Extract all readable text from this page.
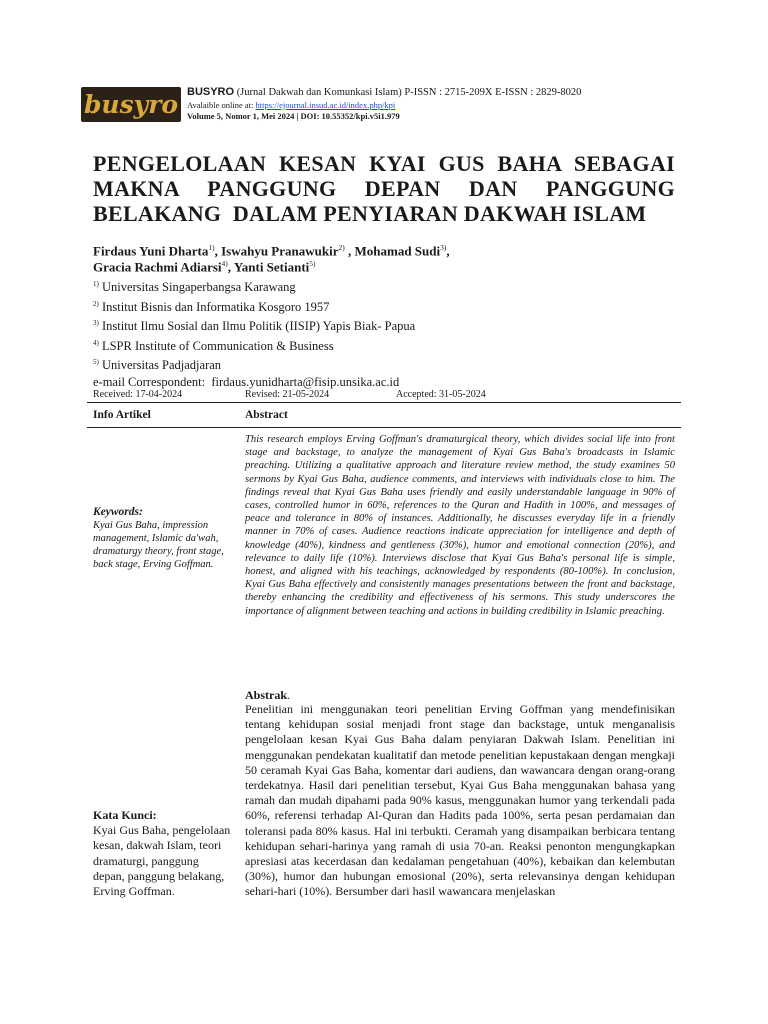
busyro BUSYRO (Jurnal Dakwah dan Komunkasi Islam) P-ISSN : 2715-209X E-ISSN : 2829-8020
Avalaible online at: https://ejournal.insud.ac.id/index.php/kpi
Volume 5, Nomor 1, Mei 2024 | DOI: 10.55352/kpi.v5i1.979
PENGELOLAAN KESAN KYAI GUS BAHA SEBAGAI
MAKNA PANGGUNG DEPAN DAN PANGGUNG
BELAKANG  DALAM PENYIARAN DAKWAH ISLAM
Firdaus Yuni Dharta$^{1)}$, Iswahyu Pranawukir$^{2)}$ , Mohamad Sudi$^{3)}$,
Gracia Rachmi Adiarsi$^{4)}$, Yanti Setianti$^{5)}$
$^{1)}$ Universitas Singaperbangsa Karawang
$^{2)}$ Institut Bisnis dan Informatika Kosgoro 1957
$^{3)}$ Institut Ilmu Sosial dan Ilmu Politik (IISIP) Yapis Biak- Papua
$^{4)}$ LSPR Institute of Communication & Business
$^{5)}$ Universitas Padjadjaran
e-mail Correspondent:  firdaus.yunidharta@fisip.unsika.ac.id
Received: 17-04-2024	Revised: 21-05-2024	Accepted: 31-05-2024
Info Artikel	Abstract
Keywords:
Kyai Gus Baha, impression management, Islamic da'wah, dramaturgy theory, front stage, back stage, Erving Goffman.
This research employs Erving Goffman's dramaturgical theory, which divides social life into front stage and backstage, to analyze the management of Kyai Gus Baha's broadcasts in Islamic preaching. Utilizing a qualitative approach and literature review method, the study examines 50 sermons by Kyai Gus Baha, audience comments, and interviews with individuals close to him. The findings reveal that Kyai Gus Baha uses friendly and easily understandable language in 90% of cases, controlled humor in 60%, references to the Quran and Hadith in 100%, and messages of peace and tolerance in 80% of instances. Additionally, he discusses everyday life in a friendly manner in 70% of cases. Audience reactions indicate appreciation for intelligence and depth of knowledge (40%), kindness and gentleness (30%), humor and emotional connection (20%), and relevance to daily life (10%). Interviews disclose that Kyai Gus Baha's personal life is simple, honest, and aligned with his teachings, acknowledged by respondents (80-100%). In conclusion, Kyai Gus Baha effectively and consistently manages presentations between the front and backstage, thereby enhancing the credibility and effectiveness of his sermons. This study underscores the importance of alignment between teaching and actions in building credibility in Islamic preaching.
Abstrak.
Penelitian ini menggunakan teori penelitian Erving Goffman yang mendefinisikan tentang kehidupan sosial menjadi front stage dan backstage, untuk menganalisis pengelolaan kesan Kyai Gus Baha dalam penyiaran Dakwah Islam. Penelitian ini menggunakan pendekatan kualitatif dan metode penelitian kepustakaan dengan mengkaji 50 ceramah Kyai Gas Baha, komentar dari audiens, dan wawancara dengan orang-orang terdekatnya. Hasil dari penelitian tersebut, Kyai Gus Baha menggunakan bahasa yang ramah dan mudah dipahami pada 90% kasus, menggunakan humor yang terkendali pada 60%, referensi terhadap Al-Quran dan Hadits pada 100%, serta pesan perdamaian dan toleransi pada 80% kasus. Hal ini terbukti. Ceramah yang disampaikan berbicara tentang kehidupan sehari-harinya yang ramah di usia 70-an. Reaksi penonton mengungkapkan apresiasi atas kecerdasan dan kedalaman pengetahuan (40%), kebaikan dan kelembutan (30%), humor dan hubungan emosional (20%), serta relevansinya dengan kehidupan sehari-hari (10%). Bersumber dari hasil wawancara menjelaskan
Kata Kunci:
Kyai Gus Baha, pengelolaan kesan, dakwah Islam, teori dramaturgi, panggung depan, panggung belakang, Erving Goffman.
